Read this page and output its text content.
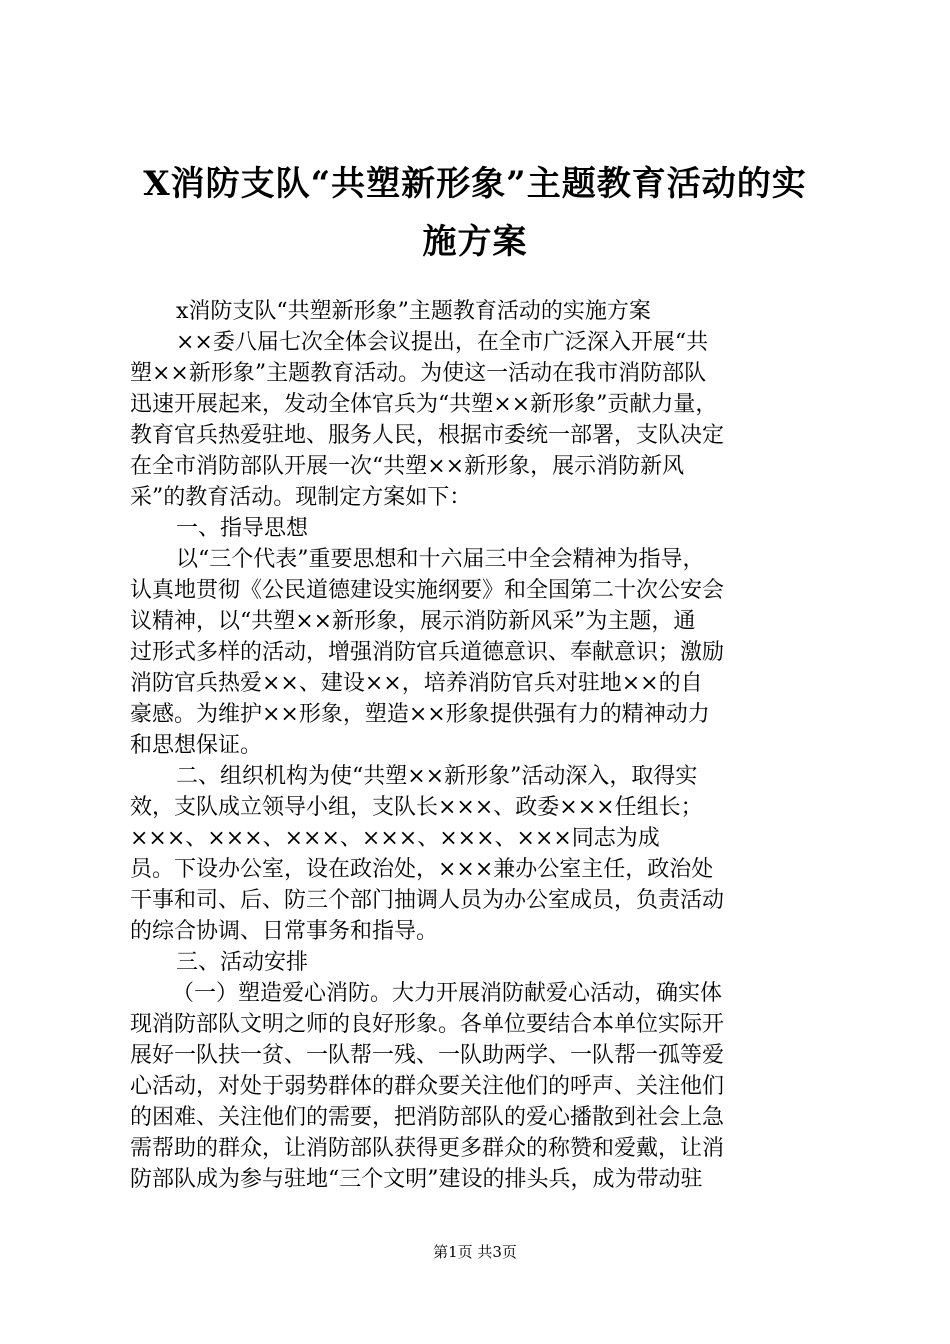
X消防支队“共塑新形象”主题教育活动的实
施方案
x消防支队“共塑新形象”主题教育活动的实施方案
××委八届七次全体会议提出，在全市广泛深入开展“共
塑××新形象”主题教育活动。为使这一活动在我市消防部队
迅速开展起来，发动全体官兵为“共塑××新形象”贡献力量，
教育官兵热爱驻地、服务人民，根据市委统一部署，支队决定
在全市消防部队开展一次“共塑××新形象，展示消防新风
采”的教育活动。现制定方案如下：
一、指导思想
以“三个代表”重要思想和十六届三中全会精神为指导，
认真地贯彻《公民道德建设实施纲要》和全国第二十次公安会
议精神，以“共塑××新形象，展示消防新风采”为主题，通
过形式多样的活动，增强消防官兵道德意识、奉献意识；激励
消防官兵热爱××、建设××，培养消防官兵对驻地××的自
豪感。为维护××形象，塑造××形象提供强有力的精神动力
和思想保证。
二、组织机构为使“共塑××新形象”活动深入，取得实
效，支队成立领导小组，支队长×××、政委×××任组长；
×××、×××、×××、×××、×××、×××同志为成
员。下设办公室，设在政治处，×××兼办公室主任，政治处
干事和司、后、防三个部门抽调人员为办公室成员，负责活动
的综合协调、日常事务和指导。
三、活动安排
（一）塑造爱心消防。大力开展消防献爱心活动，确实体
现消防部队文明之师的良好形象。各单位要结合本单位实际开
展好一队扶一贫、一队帮一残、一队助两学、一队帮一孤等爱
心活动，对处于弱势群体的群众要关注他们的呼声、关注他们
的困难、关注他们的需要，把消防部队的爱心播散到社会上急
需帮助的群众，让消防部队获得更多群众的称赞和爱戴，让消
防部队成为参与驻地“三个文明”建设的排头兵，成为带动驻
第1页 共3页
